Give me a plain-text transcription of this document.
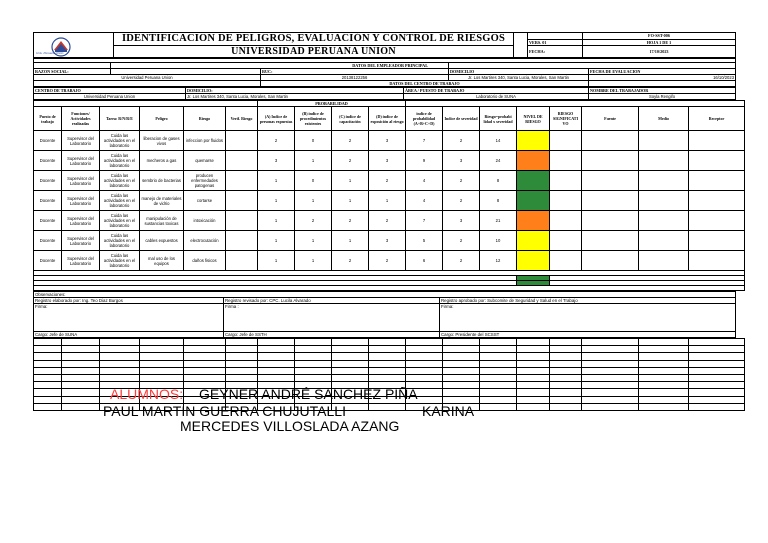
Univ. Peruana Unión	IDENTIFICACION DE PELIGROS, EVALUACIÓN Y CONTROL DE RIESGOS			FO-SST-006
			VERS. 01	HOJA 1 DE 1
	UNIVERSIDAD PERUANA UNION		FECHA:	17/10/2023

	DATOS DEL EMPLEADOR PRINCIPAL			
RAZON SOCIAL:		RUC:	DOMICILIO	FECHA DE EVALUACION
Universidad Peruana Union		20138122256	Jr. Los Martires 340, Santa Lucia, Morales, San Martin	16/10/2023
		DATOS DEL CENTRO DE TRABAJO		
CENTRO DE TRABAJO	DOMICILIO:	ÁREA / PUESTO DE TRABAJO	NOMBRE DEL TRABAJADOR
Universidad Peruana Union	Jr. Los Martires 340, Santa Lucia, Morales, San Martin	Laboratorio de SUNA	Soyla Rengifo
						PROBABILIDAD											
Puesto de trabajo	Funciones/ Actividades realizadas	Tarea: R/N/R/E	Peligro	Riesgo	Verif. Riesgo	(A) Indice de personas expuestas	(B) indice de procedimientos existentes	(C) indice de capacitación	(D) indice de exposición al riesgo	indice de probabilidad (A+B+C+D)	Indice de severidad	Riesgo=probabi lidad x severidad	NIVEL DE RIESGO	RIESGO SIGNIFICATI VO	Fuente	Medio	Receptor
Docente	Supervisor del Laboratorio	Cuida las actividades en el laboratorio	liberacion de gases vivos	infeccion por fluidos		2	0	2	3	7	2	14					
Docente	Supervisor del Laboratorio	Cuida las actividades en el laboratorio	mecheros a gas	quemarse		3	1	2	3	9	3	24					
Docente	Supervisor del Laboratorio	Cuida las actividades en el laboratorio	sembrio de bacterias	producen enfermedades patogenas		1	0	1	2	4	2	8					
Docente	Supervisor del Laboratorio	Cuida las actividades en el laboratorio	manejo de materiales de vidrio	cortarse		1	1	1	1	4	2	8					
Docente	Supervisor del Laboratorio	Cuida las actividades en el laboratorio	manipulación de sustancias toxicas	intoxicación		1	2	2	2	7	3	21					
Docente	Supervisor del Laboratorio	Cuida las actividades en el laboratorio	cables expuestos	electrocutación		1	1	1	3	5	2	10					
Docente	Supervisor del Laboratorio	Cuida las actividades en el laboratorio	mal uso de los equipos	daños fisicos		1	1	2	2	6	2	12					

Observaciones:		
Registro elaborado por: Ing. Teo Diaz Burgos	Registro revisado por: CPC. Lucila Alvarado	Registro aprobado por: Subcomite de Seguridad y Salud en el Trabajo
Firma:	Firma :	Firma:
Cargo: Jefe de SUNA	Cargo: Jefe de SSTH	Cargo: Presidente del SCSST

ALUMNOS: GEYNER ANDRÉ SANCHEZ PIÑA
PAUL MARTIN GUERRA CHUJUTALLI	KARINA
MERCEDES VILLOSLADA AZANG
